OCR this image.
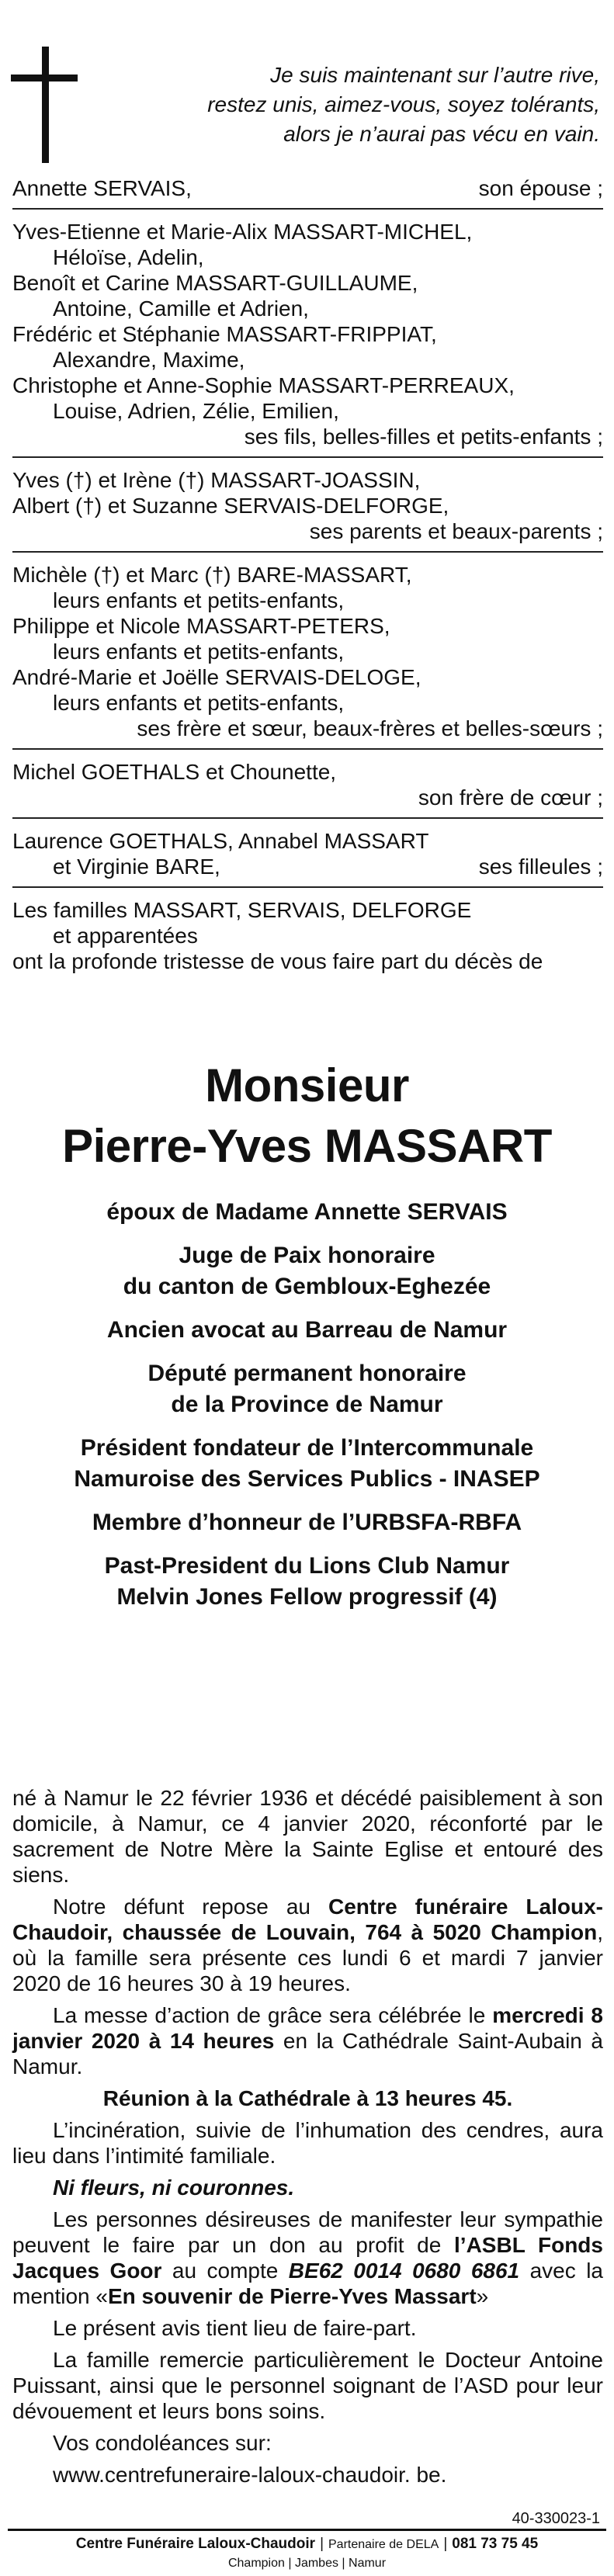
Je suis maintenant sur l’autre rive,
restez unis, aimez-vous, soyez tolérants,
alors je n’aurai pas vécu en vain.
Annette SERVAIS,	son épouse ;
Yves-Etienne et Marie-Alix MASSART-MICHEL,
Héloïse, Adelin,
Benoît et Carine MASSART-GUILLAUME,
Antoine, Camille et Adrien,
Frédéric et Stéphanie MASSART-FRIPPIAT,
Alexandre, Maxime,
Christophe et Anne-Sophie MASSART-PERREAUX,
Louise, Adrien, Zélie, Emilien,
ses fils, belles-filles et petits-enfants ;
Yves (†) et Irène (†) MASSART-JOASSIN,
Albert (†) et Suzanne SERVAIS-DELFORGE,
ses parents et beaux-parents ;
Michèle (†) et Marc (†) BARE-MASSART,
leurs enfants et petits-enfants,
Philippe et Nicole MASSART-PETERS,
leurs enfants et petits-enfants,
André-Marie et Joëlle SERVAIS-DELOGE,
leurs enfants et petits-enfants,
ses frère et sœur, beaux-frères et belles-sœurs ;
Michel GOETHALS et Chounette,
son frère de cœur ;
Laurence GOETHALS, Annabel MASSART
et Virginie BARE,	ses filleules ;
Les familles MASSART, SERVAIS, DELFORGE
et apparentées
ont la profonde tristesse de vous faire part du décès de
Monsieur
Pierre-Yves MASSART
époux de Madame Annette SERVAIS
Juge de Paix honoraire
du canton de Gembloux-Eghezée
Ancien avocat au Barreau de Namur
Député permanent honoraire
de la Province de Namur
Président fondateur de l’Intercommunale
Namuroise des Services Publics - INASEP
Membre d’honneur de l’URBSFA-RBFA
Past-President du Lions Club Namur
Melvin Jones Fellow progressif (4)

né à Namur le 22 février 1936 et décédé paisiblement à son domicile, à Namur, ce 4 janvier 2020, réconforté par le sacrement de Notre Mère la Sainte Eglise et entouré des siens.

Notre défunt repose au Centre funéraire Laloux-Chaudoir, chaussée de Louvain, 764 à 5020 Champion, où la famille sera présente ces lundi 6 et mardi 7 janvier 2020 de 16 heures 30 à 19 heures.

La messe d’action de grâce sera célébrée le mercredi 8 janvier 2020 à 14 heures en la Cathédrale Saint-Aubain à Namur.

Réunion à la Cathédrale à 13 heures 45.

L’incinération, suivie de l’inhumation des cendres, aura lieu dans l’intimité familiale.

Ni fleurs, ni couronnes.

Les personnes désireuses de manifester leur sympathie peuvent le faire par un don au profit de l’ASBL Fonds Jacques Goor au compte BE62 0014 0680 6861 avec la mention «En souvenir de Pierre-Yves Massart»

Le présent avis tient lieu de faire-part.

La famille remercie particulièrement le Docteur Antoine Puissant, ainsi que le personnel soignant de l’ASD pour leur dévouement et leurs bons soins.

Vos condoléances sur:

www.centrefuneraire-laloux-chaudoir. be.

40-330023-1
Centre Funéraire Laloux-Chaudoir | Partenaire de DELA | 081 73 75 45
Champion | Jambes | Namur
